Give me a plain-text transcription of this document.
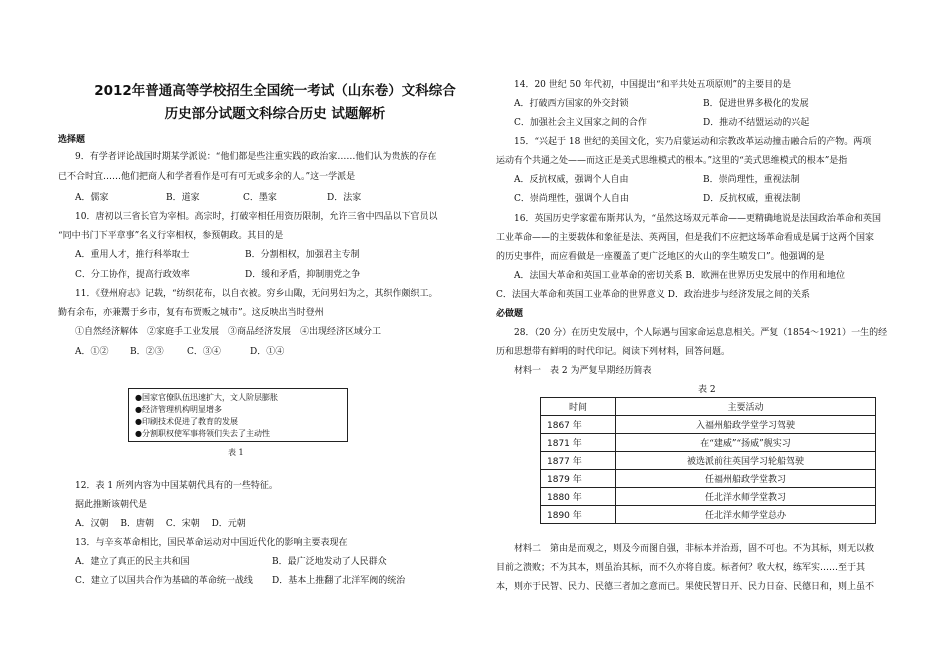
2012年普通高等学校招生全国统一考试（山东卷）文科综合
历史部分试题文科综合历史 试题解析
选择题
9．有学者评论战国时期某学派说：“他们都是些注重实践的政治家……他们认为贵族的存在
已不合时宜……他们把商人和学者看作是可有可无或多余的人。”这一学派是
A．儒家	B．道家	C．墨家	D．法家
10．唐初以三省长官为宰相。高宗时，打破宰相任用资历限制，允许三省中四品以下官员以
“同中书门下平章事”名义行宰相权，参预朝政。其目的是
A．重用人才，推行科举取士	B．分割相权，加强君主专制
C．分工协作，提高行政效率	D．缓和矛盾，抑制朋党之争
11．《登州府志》记载，“纺织花布，以自衣被。穷乡山陬，无问男妇为之，其织作颇织工。
勤有余布，亦兼鬻于乡市，复有布贾贩之城市”。这反映出当时登州
①自然经济解体　②家庭手工业发展　③商品经济发展　④出现经济区域分工
A．①② B．②③	C．③④	D．①④
●国家官僚队伍迅速扩大，文人阶层膨胀
●经济管理机构明显增多
●印刷技术促进了教育的发展
●分割职权使军事将领们失去了主动性
表 1
12．表 1 所列内容为中国某朝代具有的一些特征。
据此推断该朝代是
A．汉朝　 B．唐朝　 C．宋朝　 D．元朝
13．与辛亥革命相比，国民革命运动对中国近代化的影响主要表现在
A．建立了真正的民主共和国	B．最广泛地发动了人民群众
C．建立了以国共合作为基础的革命统一战线 D．基本上推翻了北洋军阀的统治
14．20 世纪 50 年代初，中国提出“和平共处五项原则”的主要目的是
A．打破西方国家的外交封锁	B．促进世界多极化的发展
C．加强社会主义国家之间的合作	D．推动不结盟运动的兴起
15．“兴起于 18 世纪的美国文化，实乃启蒙运动和宗教改革运动撞击融合后的产物。两项
运动有个共通之处——而这正是美式思维模式的根本。”这里的“美式思维模式的根本”是指
A．反抗权威，强调个人自由	B．崇尚理性，重视法制
C．崇尚理性，强调个人自由	D．反抗权威，重视法制
16．英国历史学家霍布斯邦认为，“虽然这场双元革命——更精确地说是法国政治革命和英国
工业革命——的主要载体和象征是法、英两国，但是我们不应把这场革命看成是属于这两个国家
的历史事件，而应看做是一座覆盖了更广泛地区的火山的孪生喷发口”。他强调的是
A．法国大革命和英国工业革命的密切关系 B．欧洲在世界历史发展中的作用和地位
C．法国大革命和英国工业革命的世界意义 D．政治进步与经济发展之间的关系
必做题
28．（20 分）在历史发展中，个人际遇与国家命运息息相关。严复（1854～1921）一生的经
历和思想带有鲜明的时代印记。阅读下列材料，回答问题。
材料一　表 2 为严复早期经历简表
表 2
时间	主要活动
1867 年	入福州船政学堂学习驾驶
1871 年	在“建威”“扬威”舰实习
1877 年	被选派前往英国学习轮船驾驶
1879 年	任福州船政学堂教习
1880 年	任北洋水师学堂教习
1890 年	任北洋水师学堂总办
材料二　第由是而观之，则及今而图自强，非标本并治焉，固不可也。不为其标，则无以救
目前之溃败；不为其本，则虽治其标，而不久亦将自废。标者何？收大权，练军实……至于其
本，则亦于民智、民力、民德三者加之意而已。果使民智日开、民力日奋、民德日和，则上虽不
